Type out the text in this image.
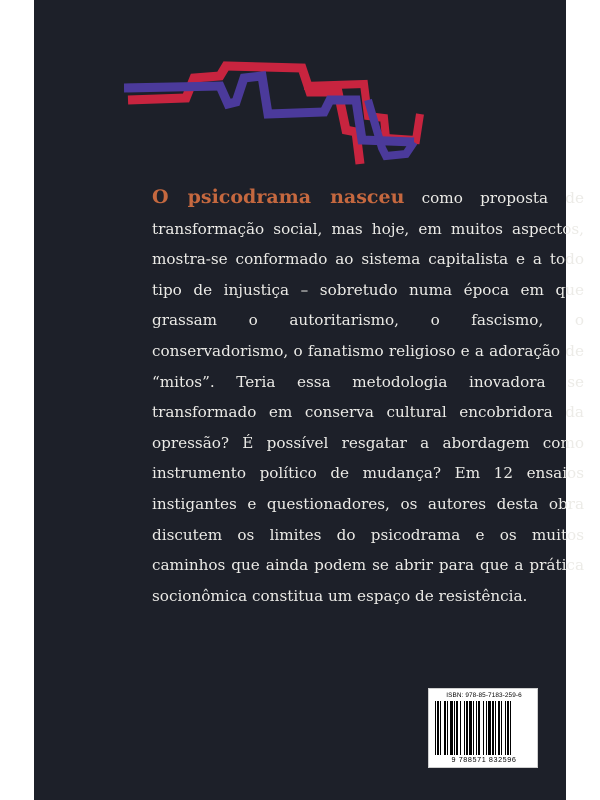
O psicodrama nasceu como proposta de transformação social, mas hoje, em muitos aspectos, mostra-se conformado ao sistema capitalista e a todo tipo de injustiça – sobretudo numa época em que grassam o autoritarismo, o fascismo, o conservadorismo, o fanatismo religioso e a adoração de “mitos”. Teria essa metodologia inovadora se transformado em conserva cultural encobridora da opressão? É possível resgatar a abordagem como instrumento político de mudança? Em 12 ensaios instigantes e questionadores, os autores desta obra discutem os limites do psicodrama e os muitos caminhos que ainda podem se abrir para que a prática socionômica constitua um espaço de resistência.

ISBN: 978-85-7183-259-6
9 788571 832596
